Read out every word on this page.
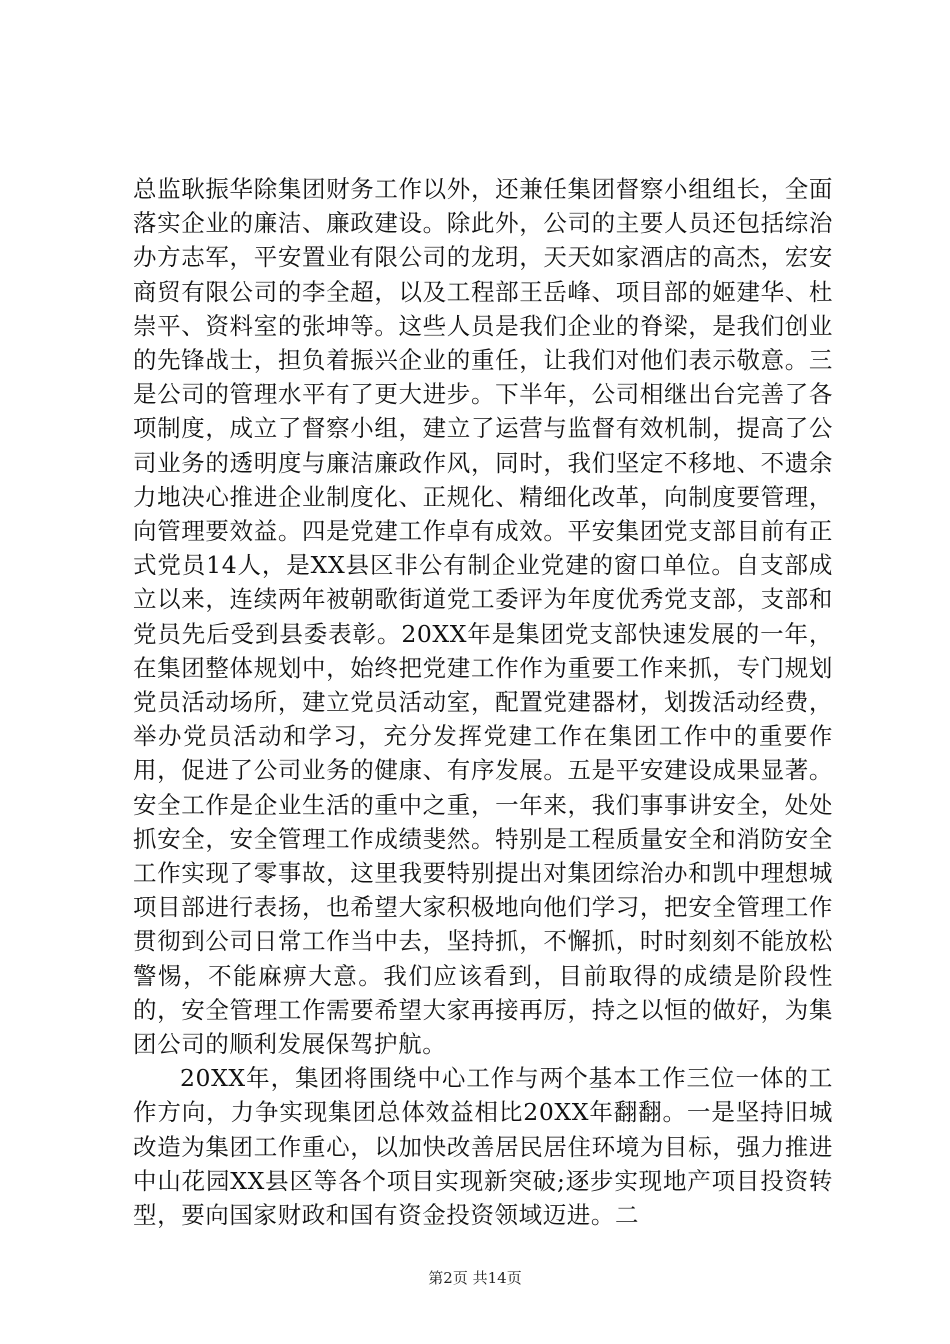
总监耿振华除集团财务工作以外，还兼任集团督察小组组长，全面落实企业的廉洁、廉政建设。除此外，公司的主要人员还包括综治办方志军，平安置业有限公司的龙玥，天天如家酒店的高杰，宏安商贸有限公司的李全超，以及工程部王岳峰、项目部的姬建华、杜崇平、资料室的张坤等。这些人员是我们企业的脊梁，是我们创业的先锋战士，担负着振兴企业的重任，让我们对他们表示敬意。三是公司的管理水平有了更大进步。下半年，公司相继出台完善了各项制度，成立了督察小组，建立了运营与监督有效机制，提高了公司业务的透明度与廉洁廉政作风，同时，我们坚定不移地、不遗余力地决心推进企业制度化、正规化、精细化改革，向制度要管理，向管理要效益。四是党建工作卓有成效。平安集团党支部目前有正式党员14人，是XX县区非公有制企业党建的窗口单位。自支部成立以来，连续两年被朝歌街道党工委评为年度优秀党支部，支部和党员先后受到县委表彰。20XX年是集团党支部快速发展的一年，在集团整体规划中，始终把党建工作作为重要工作来抓，专门规划党员活动场所，建立党员活动室，配置党建器材，划拨活动经费，举办党员活动和学习，充分发挥党建工作在集团工作中的重要作用，促进了公司业务的健康、有序发展。五是平安建设成果显著。安全工作是企业生活的重中之重，一年来，我们事事讲安全，处处抓安全，安全管理工作成绩斐然。特别是工程质量安全和消防安全工作实现了零事故，这里我要特别提出对集团综治办和凯中理想城项目部进行表扬，也希望大家积极地向他们学习，把安全管理工作贯彻到公司日常工作当中去，坚持抓，不懈抓，时时刻刻不能放松警惕，不能麻痹大意。我们应该看到，目前取得的成绩是阶段性的，安全管理工作需要希望大家再接再厉，持之以恒的做好，为集团公司的顺利发展保驾护航。

20XX年，集团将围绕中心工作与两个基本工作三位一体的工作方向，力争实现集团总体效益相比20XX年翻翻。一是坚持旧城改造为集团工作重心，以加快改善居民居住环境为目标，强力推进中山花园XX县区等各个项目实现新突破;逐步实现地产项目投资转型，要向国家财政和国有资金投资领域迈进。二

第2页 共14页
